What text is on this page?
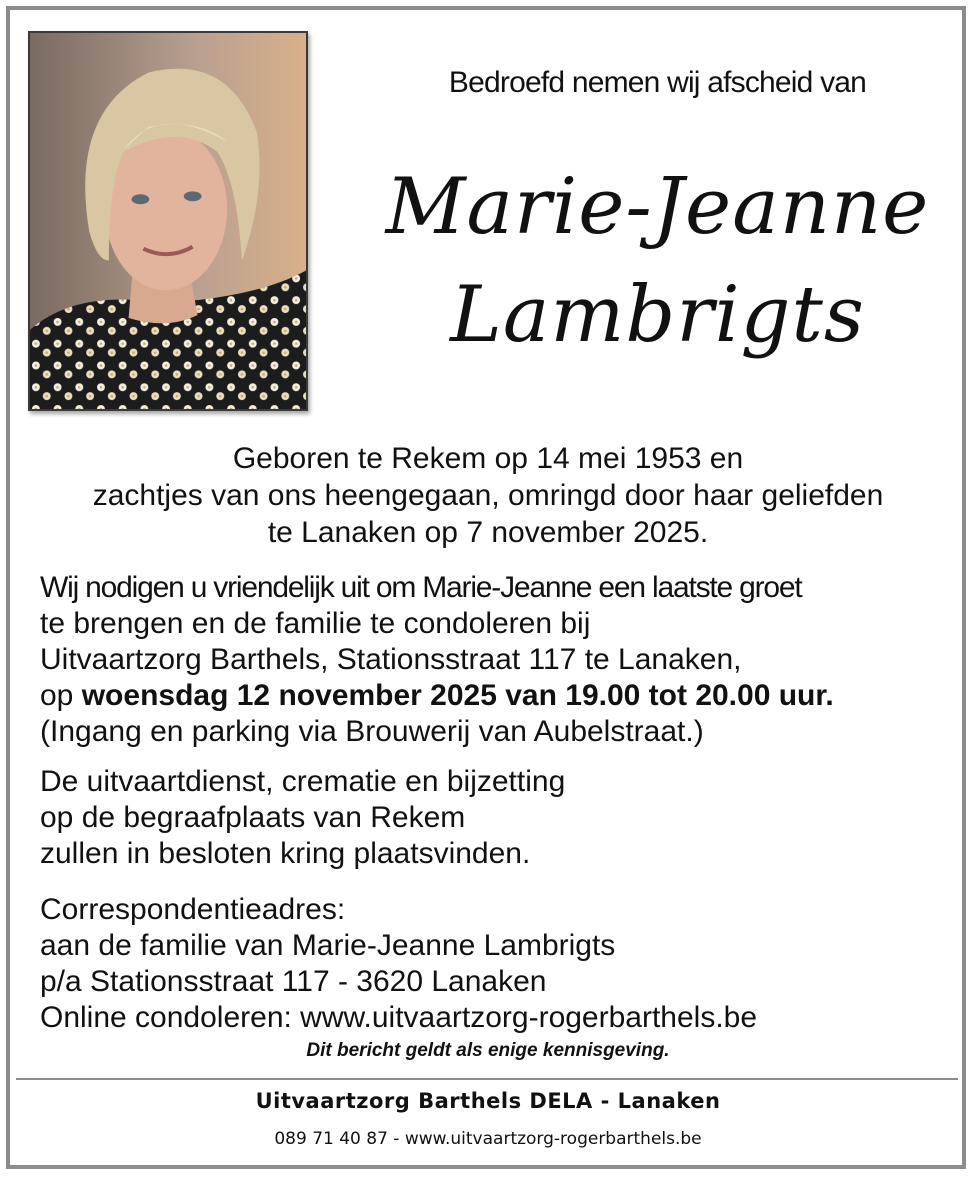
Bedroefd nemen wij afscheid van
Marie-Jeanne
Lambrigts
Geboren te Rekem op 14 mei 1953 en
zachtjes van ons heengegaan, omringd door haar geliefden
te Lanaken op 7 november 2025.
Wij nodigen u vriendelijk uit om Marie-Jeanne een laatste groet
te brengen en de familie te condoleren bij
Uitvaartzorg Barthels, Stationsstraat 117 te Lanaken,
op woensdag 12 november 2025 van 19.00 tot 20.00 uur.
(Ingang en parking via Brouwerij van Aubelstraat.)
De uitvaartdienst, crematie en bijzetting
op de begraafplaats van Rekem
zullen in besloten kring plaatsvinden.
Correspondentieadres:
aan de familie van Marie-Jeanne Lambrigts
p/a Stationsstraat 117 - 3620 Lanaken
Online condoleren: www.uitvaartzorg-rogerbarthels.be
Dit bericht geldt als enige kennisgeving.
Uitvaartzorg Barthels DELA - Lanaken
089 71 40 87 - www.uitvaartzorg-rogerbarthels.be
